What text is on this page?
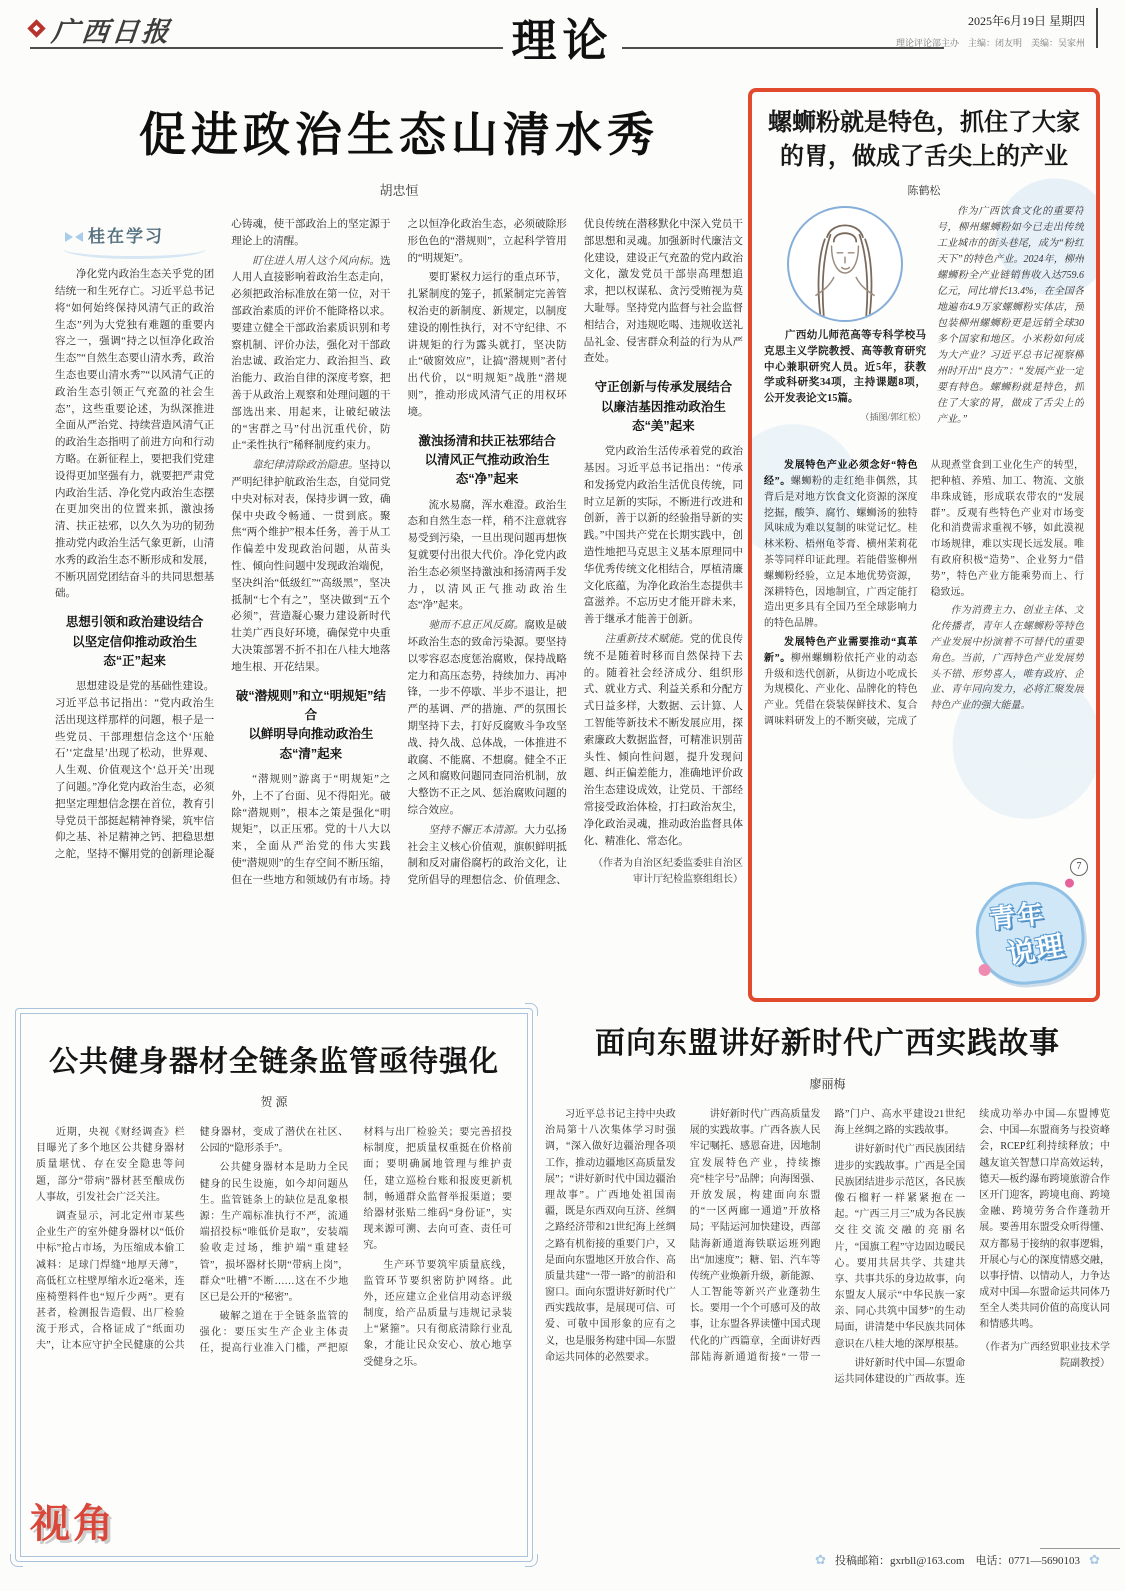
广西日报	理论	2025年6月19日 星期四
理论评论部主办　主编：闭友明　美编：吴家州
促进政治生态山清水秀
胡忠恒
桂在学习

净化党内政治生态关乎党的团结统一和生死存亡。习近平总书记将“如何始终保持风清气正的政治生态”列为大党独有难题的重要内容之一，强调“持之以恒净化政治生态”“自然生态要山清水秀，政治生态也要山清水秀”“以风清气正的政治生态引领正气充盈的社会生态”，这些重要论述，为纵深推进全面从严治党、持续营造风清气正的政治生态指明了前进方向和行动方略。在新征程上，要把我们党建设得更加坚强有力，就要把严肃党内政治生活、净化党内政治生态摆在更加突出的位置来抓，激浊扬清、扶正祛邪，以久久为功的韧劲推动党内政治生活气象更新，山清水秀的政治生态不断形成和发展，不断巩固党团结奋斗的共同思想基础。

思想引领和政治建设结合
以坚定信仰推动政治生态“正”起来

思想建设是党的基础性建设。习近平总书记指出：“党内政治生活出现这样那样的问题，根子是一些党员、干部理想信念这个‘压舱石’‘定盘星’出现了松动，世界观、人生观、价值观这个‘总开关’出现了问题。”净化党内政治生态，必须把坚定理想信念摆在首位，教育引导党员干部挺起精神脊梁，筑牢信仰之基、补足精神之钙、把稳思想之舵，坚持不懈用党的创新理论凝心铸魂，使干部政治上的坚定源于理论上的清醒。

盯住进人用人这个风向标。选人用人直接影响着政治生态走向，必须把政治标准放在第一位，对干部政治素质的评价不能降格以求。要建立健全干部政治素质识别和考察机制、评价办法，强化对干部政治忠诚、政治定力、政治担当、政治能力、政治自律的深度考察，把善于从政治上观察和处理问题的干部选出来、用起来，让破纪破法的“害群之马”付出沉重代价，防止“柔性执行”稀释制度约束力。

靠纪律清除政治隐患。坚持以严明纪律护航政治生态，自觉同党中央对标对表，保持步调一致，确保中央政令畅通、一贯到底。聚焦“两个维护”根本任务，善于从工作偏差中发现政治问题，从苗头性、倾向性问题中发现政治端倪，坚决纠治“低级红”“高级黑”，坚决抵制“七个有之”，坚决做到“五个必须”，营造凝心聚力建设新时代壮美广西良好环境，确保党中央重大决策部署不折不扣在八桂大地落地生根、开花结果。

破“潜规则”和立“明规矩”结合
以鲜明导向推动政治生态“清”起来

“潜规则”游离于“明规矩”之外，上不了台面、见不得阳光。破除“潜规则”，根本之策是强化“明规矩”，以正压邪。党的十八大以来，全面从严治党的伟大实践使“潜规则”的生存空间不断压缩，但在一些地方和领域仍有市场。持之以恒净化政治生态，必须破除形形色色的“潜规则”，立起科学管用的“明规矩”。

要盯紧权力运行的重点环节，扎紧制度的笼子，抓紧制定完善管权治吏的新制度、新规定，以制度建设的刚性执行，对不守纪律、不讲规矩的行为露头就打，坚决防止“破窗效应”，让搞“潜规则”者付出代价，以“明规矩”战胜“潜规则”，推动形成风清气正的用权环境。

激浊扬清和扶正祛邪结合
以清风正气推动政治生态“净”起来

流水易腐，浑水难澄。政治生态和自然生态一样，稍不注意就容易受到污染，一旦出现问题再想恢复就要付出很大代价。净化党内政治生态必须坚持激浊和扬清两手发力，以清风正气推动政治生态“净”起来。

驰而不息正风反腐。腐败是破坏政治生态的致命污染源。要坚持以零容忍态度惩治腐败，保持战略定力和高压态势，持续加力、再冲锋，一步不停歇、半步不退让，把严的基调、严的措施、严的氛围长期坚持下去，打好反腐败斗争攻坚战、持久战、总体战，一体推进不敢腐、不能腐、不想腐。健全不正之风和腐败问题同查同治机制，放大整饬不正之风、惩治腐败问题的综合效应。

坚持不懈正本清源。大力弘扬社会主义核心价值观，旗帜鲜明抵制和反对庸俗腐朽的政治文化，让党所倡导的理想信念、价值理念、优良传统在潜移默化中深入党员干部思想和灵魂。加强新时代廉洁文化建设，建设正气充盈的党内政治文化，激发党员干部崇高理想追求，把以权谋私、贪污受贿视为莫大耻辱。坚持党内监督与社会监督相结合，对违规吃喝、违规收送礼品礼金、侵害群众利益的行为从严查处。

守正创新与传承发展结合
以廉洁基因推动政治生态“美”起来

党内政治生活传承着党的政治基因。习近平总书记指出：“传承和发扬党内政治生活优良传统，同时立足新的实际，不断进行改进和创新，善于以新的经验指导新的实践。”中国共产党在长期实践中，创造性地把马克思主义基本原理同中华优秀传统文化相结合，厚植清廉文化底蕴，为净化政治生态提供丰富滋养。不忘历史才能开辟未来，善于继承才能善于创新。

注重新技术赋能。党的优良传统不是随着时移而自然保持下去的。随着社会经济成分、组织形式、就业方式、利益关系和分配方式日益多样，大数据、云计算、人工智能等新技术不断发展应用，探索廉政大数据监督，可精准识别苗头性、倾向性问题，提升发现问题、纠正偏差能力，准确地评价政治生态建设成效，让党员、干部经常接受政治体检，打扫政治灰尘，净化政治灵魂，推动政治监督具体化、精准化、常态化。

（作者为自治区纪委监委驻自治区审计厅纪检监察组组长）

螺蛳粉就是特色，抓住了大家的胃，做成了舌尖上的产业
陈鹤松

广西幼儿师范高等专科学校马克思主义学院教授、高等教育研究中心兼职研究人员。近5年，获教学或科研奖34项，主持课题8项，公开发表论文15篇。

（插图/郭红松）

作为广西饮食文化的重要符号，柳州螺蛳粉如今已走出传统工业城市的街头巷尾，成为“粉红天下”的特色产业。2024年，柳州螺蛳粉全产业链销售收入达759.6亿元，同比增长13.4%，在全国各地遍布4.9万家螺蛳粉实体店，预包装柳州螺蛳粉更是远销全球30多个国家和地区。小米粉如何成为大产业？习近平总书记视察柳州时开出“良方”：“发展产业一定要有特色。螺蛳粉就是特色，抓住了大家的胃，做成了舌尖上的产业。”

发展特色产业必须念好“特色经”。螺蛳粉的走红绝非偶然，其背后是对地方饮食文化资源的深度挖掘，酸笋、腐竹、螺蛳汤的独特风味成为难以复制的味觉记忆。桂林米粉、梧州龟苓膏、横州茉莉花茶等同样印证此理。若能借鉴柳州螺蛳粉经验，立足本地优势资源，深耕特色，因地制宜，广西定能打造出更多具有全国乃至全球影响力的特色品牌。

发展特色产业需要推动“真革新”。柳州螺蛳粉依托产业的动态升级和迭代创新，从街边小吃成长为规模化、产业化、品牌化的特色产业。凭借在袋装保鲜技术、复合调味料研发上的不断突破，完成了从现煮堂食到工业化生产的转型，把种植、养殖、加工、物流、文旅串珠成链，形成联农带农的“发展群”。反观有些特色产业对市场变化和消费需求重视不够，如此漠视市场规律，难以实现长远发展。唯有政府积极“造势”、企业努力“借势”，特色产业方能乘势而上、行稳致远。

作为消费主力、创业主体、文化传播者，青年人在螺蛳粉等特色产业发展中扮演着不可替代的重要角色。当前，广西特色产业发展势头不错、形势喜人，唯有政府、企业、青年同向发力，必将汇聚发展特色产业的强大能量。

7
青年
说理
公共健身器材全链条监管亟待强化
贺 源

近期，央视《财经调查》栏目曝光了多个地区公共健身器材质量堪忧、存在安全隐患等问题，部分“带病”器材甚至酿成伤人事故，引发社会广泛关注。

调查显示，河北定州市某些企业生产的室外健身器材以“低价中标”抢占市场，为压缩成本偷工减料：足球门焊缝“地厚天薄”，高低杠立柱壁厚缩水近2毫米，连座椅塑料件也“短斤少两”。更有甚者，检测报告造假、出厂检验流于形式，合格证成了“纸面功夫”，让本应守护全民健康的公共健身器材，变成了潜伏在社区、公园的“隐形杀手”。

公共健身器材本是助力全民健身的民生设施，如今却问题丛生。监管链条上的缺位是乱象根源：生产端标准执行不严，流通端招投标“唯低价是取”，安装端验收走过场，维护端“重建轻管”，损坏器材长期“带病上岗”，群众“吐槽”不断……这在不少地区已是公开的“秘密”。

破解之道在于全链条监管的强化：要压实生产企业主体责任，提高行业准入门槛，严把原材料与出厂检验关；要完善招投标制度，把质量权重挺在价格前面；要明确属地管理与维护责任，建立巡检台账和报废更新机制，畅通群众监督举报渠道；要给器材张贴二维码“身份证”，实现来源可溯、去向可查、责任可究。

生产环节要筑牢质量底线，监管环节要织密防护网络。此外，还应建立企业信用动态评级制度，给产品质量与违规记录装上“紧箍”。只有彻底清除行业乱象，才能让民众安心、放心地享受健身之乐。

视角
面向东盟讲好新时代广西实践故事
廖丽梅

习近平总书记主持中央政治局第十八次集体学习时强调，“深入做好边疆治理各项工作，推动边疆地区高质量发展”；“讲好新时代中国边疆治理故事”。广西地处祖国南疆，既是东西双向互济、丝绸之路经济带和21世纪海上丝绸之路有机衔接的重要门户，又是面向东盟地区开放合作、高质量共建“一带一路”的前沿和窗口。面向东盟讲好新时代广西实践故事，是展现可信、可爱、可敬中国形象的应有之义，也是服务构建中国—东盟命运共同体的必然要求。

讲好新时代广西高质量发展的实践故事。广西各族人民牢记嘱托、感恩奋进，因地制宜发展特色产业，持续擦亮“桂字号”品牌；向海图强、开放发展，构建面向东盟的“一区两廊一通道”开放格局；平陆运河加快建设，西部陆海新通道海铁联运班列跑出“加速度”；糖、铝、汽车等传统产业焕新升级，新能源、人工智能等新兴产业蓬勃生长。要用一个个可感可及的故事，让东盟各界读懂中国式现代化的广西篇章，全面讲好西部陆海新通道衔接“一带一路”门户、高水平建设21世纪海上丝绸之路的实践故事。

讲好新时代广西民族团结进步的实践故事。广西是全国民族团结进步示范区，各民族像石榴籽一样紧紧抱在一起。“广西三月三”成为各民族交往交流交融的亮丽名片，“国旗工程”守边固边暖民心。要用共居共学、共建共享、共事共乐的身边故事，向东盟友人展示“中华民族一家亲、同心共筑中国梦”的生动局面，讲清楚中华民族共同体意识在八桂大地的深厚根基。

讲好新时代中国—东盟命运共同体建设的广西故事。连续成功举办中国—东盟博览会、中国—东盟商务与投资峰会，RCEP红利持续释放；中越友谊关智慧口岸高效运转，德天—板约瀑布跨境旅游合作区开门迎客，跨境电商、跨境金融、跨境劳务合作蓬勃开展。要善用东盟受众听得懂、双方都易于接纳的叙事逻辑，开展心与心的深度情感交融，以事抒情、以情动人，力争达成对中国—东盟命运共同体乃至全人类共同价值的高度认同和情感共鸣。

（作者为广西经贸职业技术学院副教授）

✿ 投稿邮箱：gxrbll@163.com　电话：0771—5690103 ✿
